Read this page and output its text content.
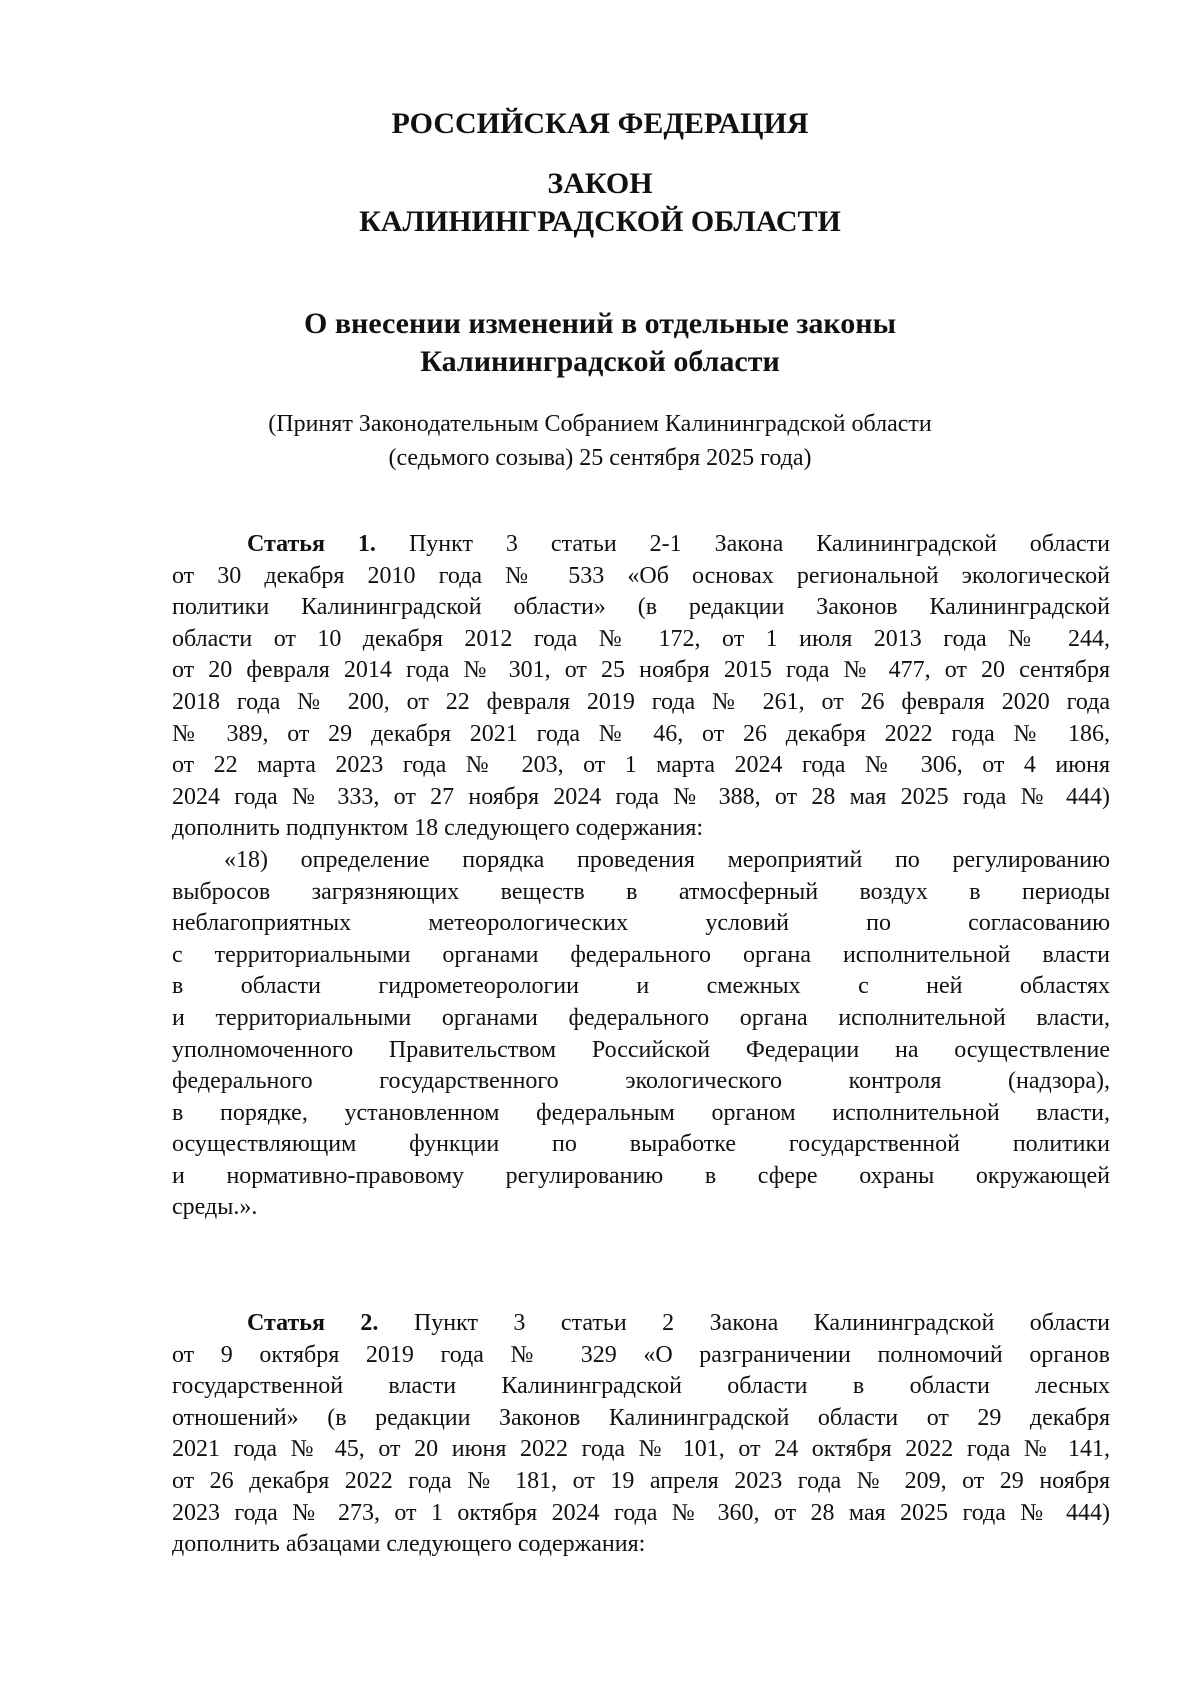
РОССИЙСКАЯ ФЕДЕРАЦИЯ
ЗАКОН
КАЛИНИНГРАДСКОЙ ОБЛАСТИ
О внесении изменений в отдельные законы
Калининградской области
(Принят Законодательным Собранием Калининградской области
(седьмого созыва) 25 сентября 2025 года)
Статья 1. Пункт 3 статьи 2-1 Закона Калининградской области
от 30 декабря 2010 года № 533 «Об основах региональной экологической
политики Калининградской области» (в редакции Законов Калининградской
области от 10 декабря 2012 года № 172, от 1 июля 2013 года № 244,
от 20 февраля 2014 года № 301, от 25 ноября 2015 года № 477, от 20 сентября
2018 года № 200, от 22 февраля 2019 года № 261, от 26 февраля 2020 года
№ 389, от 29 декабря 2021 года № 46, от 26 декабря 2022 года № 186,
от 22 марта 2023 года № 203, от 1 марта 2024 года № 306, от 4 июня
2024 года № 333, от 27 ноября 2024 года № 388, от 28 мая 2025 года № 444)
дополнить подпунктом 18 следующего содержания:
«18) определение порядка проведения мероприятий по регулированию
выбросов загрязняющих веществ в атмосферный воздух в периоды
неблагоприятных метеорологических условий по согласованию
с территориальными органами федерального органа исполнительной власти
в области гидрометеорологии и смежных с ней областях
и территориальными органами федерального органа исполнительной власти,
уполномоченного Правительством Российской Федерации на осуществление
федерального государственного экологического контроля (надзора),
в порядке, установленном федеральным органом исполнительной власти,
осуществляющим функции по выработке государственной политики
и нормативно-правовому регулированию в сфере охраны окружающей
среды.».
Статья 2. Пункт 3 статьи 2 Закона Калининградской области
от 9 октября 2019 года № 329 «О разграничении полномочий органов
государственной власти Калининградской области в области лесных
отношений» (в редакции Законов Калининградской области от 29 декабря
2021 года № 45, от 20 июня 2022 года № 101, от 24 октября 2022 года № 141,
от 26 декабря 2022 года № 181, от 19 апреля 2023 года № 209, от 29 ноября
2023 года № 273, от 1 октября 2024 года № 360, от 28 мая 2025 года № 444)
дополнить абзацами следующего содержания:
